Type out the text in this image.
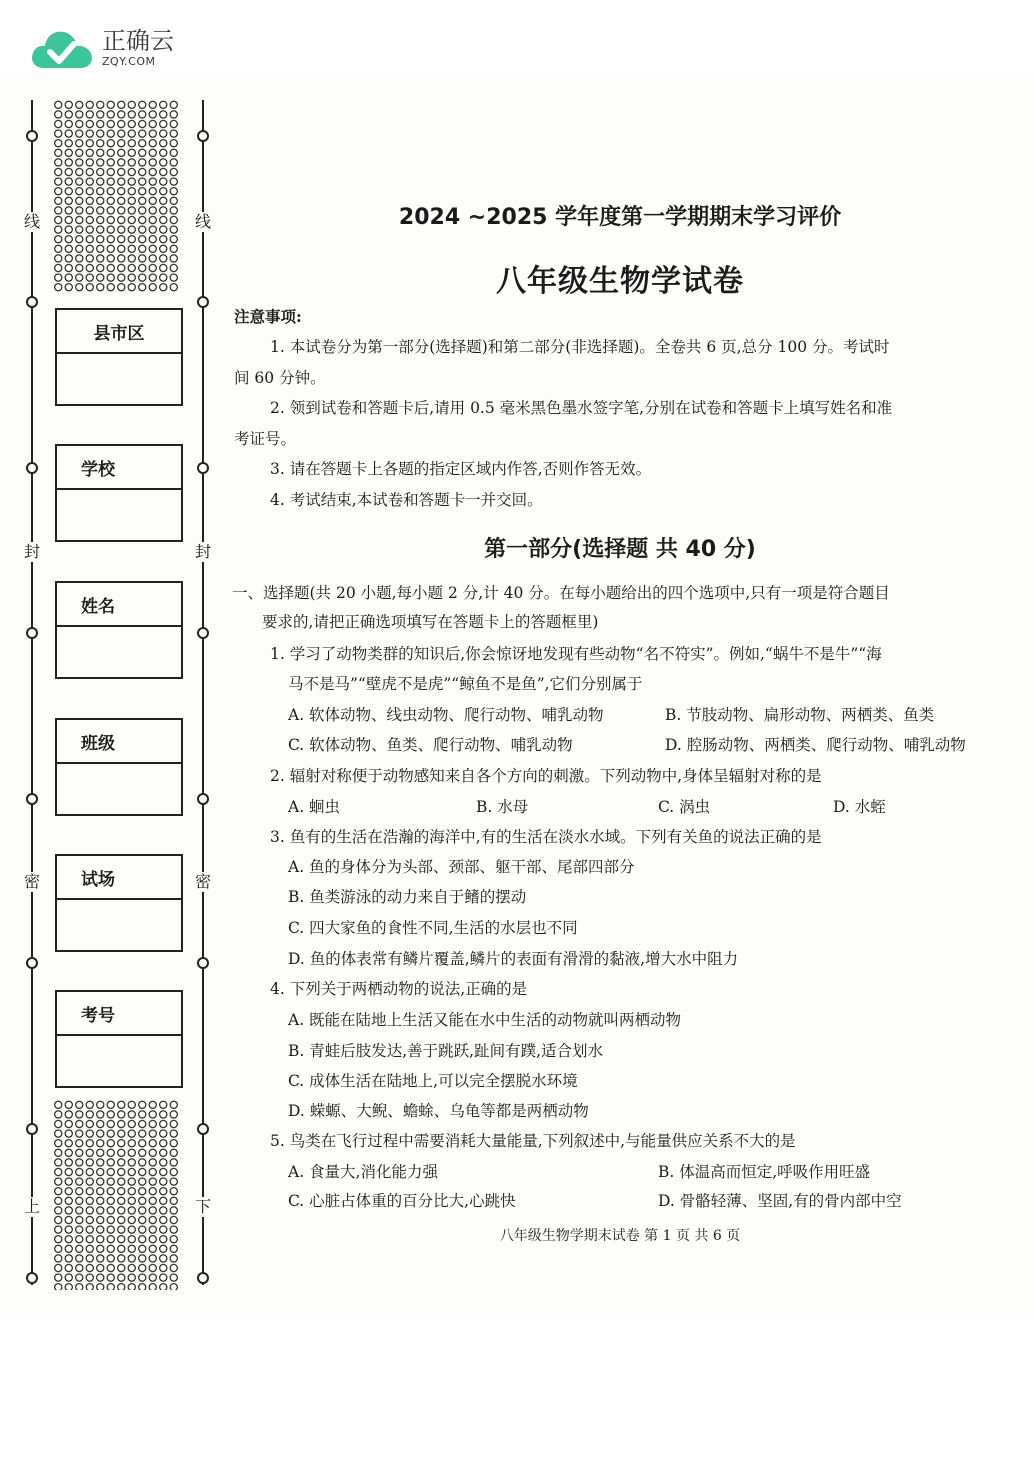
正确云
ZQY.COM
线
封
密
上
线
封
密
下
县市区
学校
姓名
班级
试场
考号
2024 ~2025 学年度第一学期期末学习评价
八年级生物学试卷
注意事项:
1. 本试卷分为第一部分(选择题)和第二部分(非选择题)。全卷共 6 页,总分 100 分。考试时
间 60 分钟。
2. 领到试卷和答题卡后,请用 0.5 毫米黑色墨水签字笔,分别在试卷和答题卡上填写姓名和准
考证号。
3. 请在答题卡上各题的指定区域内作答,否则作答无效。
4. 考试结束,本试卷和答题卡一并交回。
第一部分(选择题 共 40 分)
一、选择题(共 20 小题,每小题 2 分,计 40 分。在每小题给出的四个选项中,只有一项是符合题目
要求的,请把正确选项填写在答题卡上的答题框里)
1. 学习了动物类群的知识后,你会惊讶地发现有些动物“名不符实”。例如,“蜗牛不是牛”“海
马不是马”“壁虎不是虎”“鲸鱼不是鱼”,它们分别属于
A. 软体动物、线虫动物、爬行动物、哺乳动物	B. 节肢动物、扁形动物、两栖类、鱼类
C. 软体动物、鱼类、爬行动物、哺乳动物	D. 腔肠动物、两栖类、爬行动物、哺乳动物
2. 辐射对称便于动物感知来自各个方向的刺激。下列动物中,身体呈辐射对称的是
A. 蛔虫	B. 水母	C. 涡虫	D. 水蛭
3. 鱼有的生活在浩瀚的海洋中,有的生活在淡水水域。下列有关鱼的说法正确的是
A. 鱼的身体分为头部、颈部、躯干部、尾部四部分
B. 鱼类游泳的动力来自于鳍的摆动
C. 四大家鱼的食性不同,生活的水层也不同
D. 鱼的体表常有鳞片覆盖,鳞片的表面有滑滑的黏液,增大水中阻力
4. 下列关于两栖动物的说法,正确的是
A. 既能在陆地上生活又能在水中生活的动物就叫两栖动物
B. 青蛙后肢发达,善于跳跃,趾间有蹼,适合划水
C. 成体生活在陆地上,可以完全摆脱水环境
D. 蝾螈、大鲵、蟾蜍、乌龟等都是两栖动物
5. 鸟类在飞行过程中需要消耗大量能量,下列叙述中,与能量供应关系不大的是
A. 食量大,消化能力强	B. 体温高而恒定,呼吸作用旺盛
C. 心脏占体重的百分比大,心跳快	D. 骨骼轻薄、坚固,有的骨内部中空
八年级生物学期末试卷 第 1 页 共 6 页
